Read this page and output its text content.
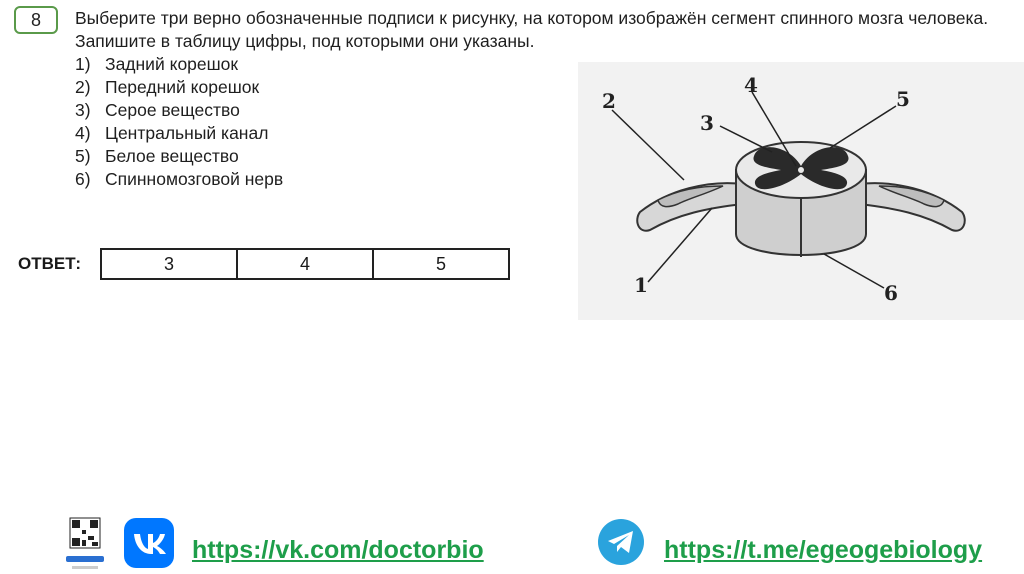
8	Выберите три верно обозначенные подписи к рисунку, на котором изображён сегмент спинного мозга человека. Запишите в таблицу цифры, под которыми они указаны.
1) Задний корешок
2) Передний корешок
3) Серое вещество
4) Центральный канал
5) Белое вещество
6) Спинномозговой нерв
ОТВЕТ:	3	4	5
2
3
4
5
1	6
https://vk.com/doctorbio	https://t.me/egeogebiology
